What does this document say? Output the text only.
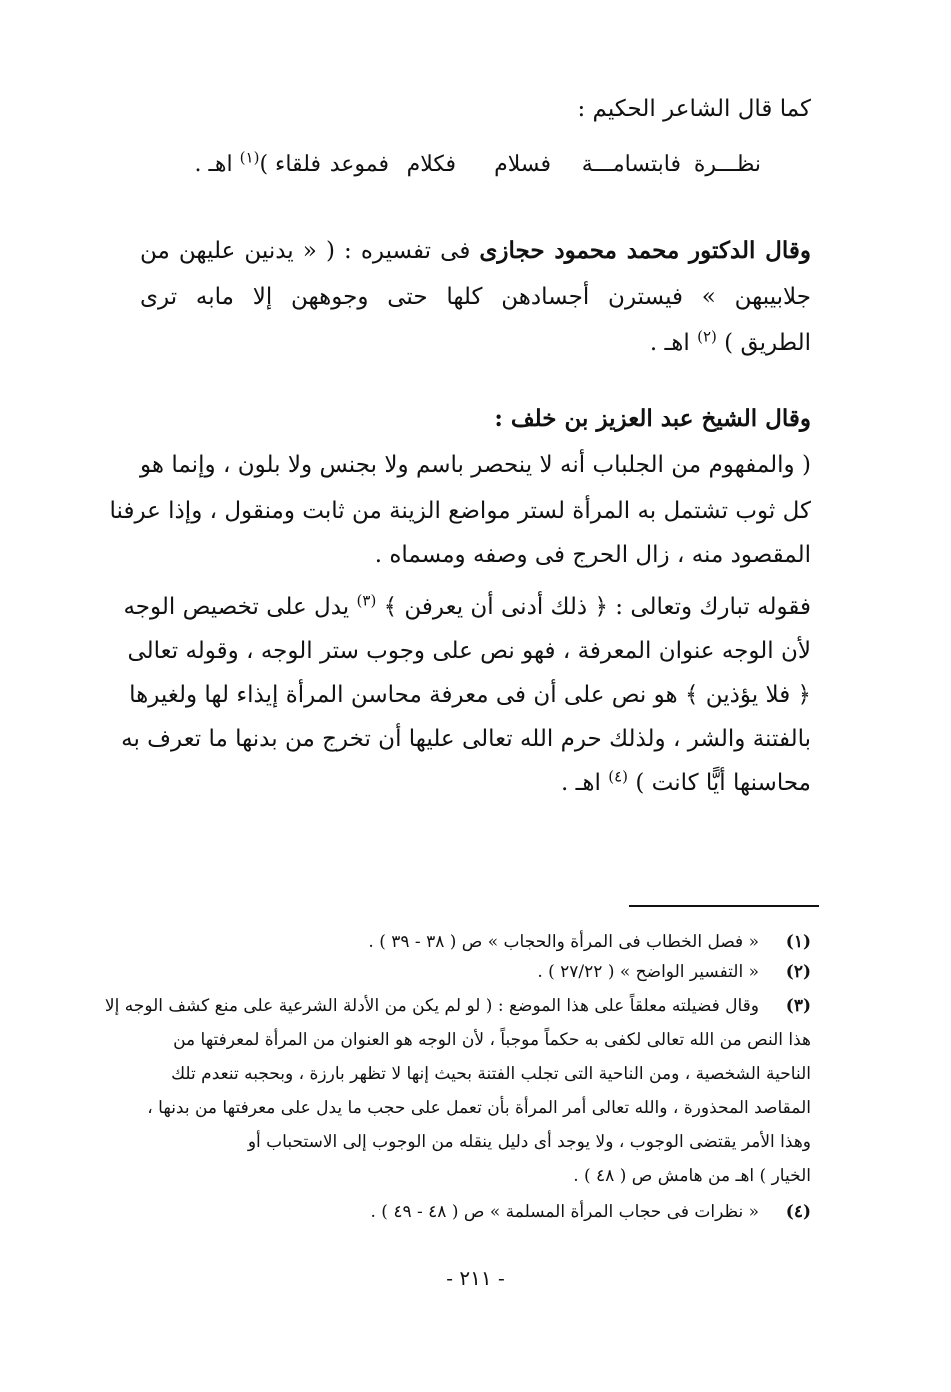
كما قال الشاعر الحكيم :
نظـــرة
فابتسامـــة
فسلام
فكلام
فموعد
فلقاء )$^{(١)}$ اهـ .
وقال الدكتور محمد محمود حجازى فى تفسيره : ( « يدنين عليهن من
جلابيبهن » فيسترن أجسادهن كلها حتى وجوههن إلا مابه ترى
الطريق ) $^{(٢)}$ اهـ .
وقال الشيخ عبد العزيز بن خلف :
( والمفهوم من الجلباب أنه لا ينحصر باسم ولا بجنس ولا بلون ، وإنما هو
كل ثوب تشتمل به المرأة لستر مواضع الزينة من ثابت ومنقول ، وإذا عرفنا
المقصود منه ، زال الحرج فى وصفه ومسماه .
فقوله تبارك وتعالى : ﴿ ذلك أدنى أن يعرفن ﴾ $^{(٣)}$ يدل على تخصيص الوجه
لأن الوجه عنوان المعرفة ، فهو نص على وجوب ستر الوجه ، وقوله تعالى
﴿ فلا يؤذين ﴾ هو نص على أن فى معرفة محاسن المرأة إيذاء لها ولغيرها
بالفتنة والشر ، ولذلك حرم الله تعالى عليها أن تخرج من بدنها ما تعرف به
محاسنها أيًّا كانت ) $^{(٤)}$ اهـ .
(١)
« فصل الخطاب فى المرأة والحجاب » ص ( ٣٨ - ٣٩ ) .
(٢)
« التفسير الواضح » ( ٢٧/٢٢ ) .
(٣)
وقال فضيلته معلقاً على هذا الموضع : ( لو لم يكن من الأدلة الشرعية على منع كشف الوجه إلا
هذا النص من الله تعالى لكفى به حكماً موجباً ، لأن الوجه هو العنوان من المرأة لمعرفتها من
الناحية الشخصية ، ومن الناحية التى تجلب الفتنة بحيث إنها لا تظهر بارزة ، وبحجبه تنعدم تلك
المقاصد المحذورة ، والله تعالى أمر المرأة بأن تعمل على حجب ما يدل على معرفتها من بدنها ،
وهذا الأمر يقتضى الوجوب ، ولا يوجد أى دليل ينقله من الوجوب إلى الاستحباب أو
الخيار ) اهـ من هامش ص ( ٤٨ ) .
(٤)
« نظرات فى حجاب المرأة المسلمة » ص ( ٤٨ - ٤٩ ) .
- ٢١١ -
